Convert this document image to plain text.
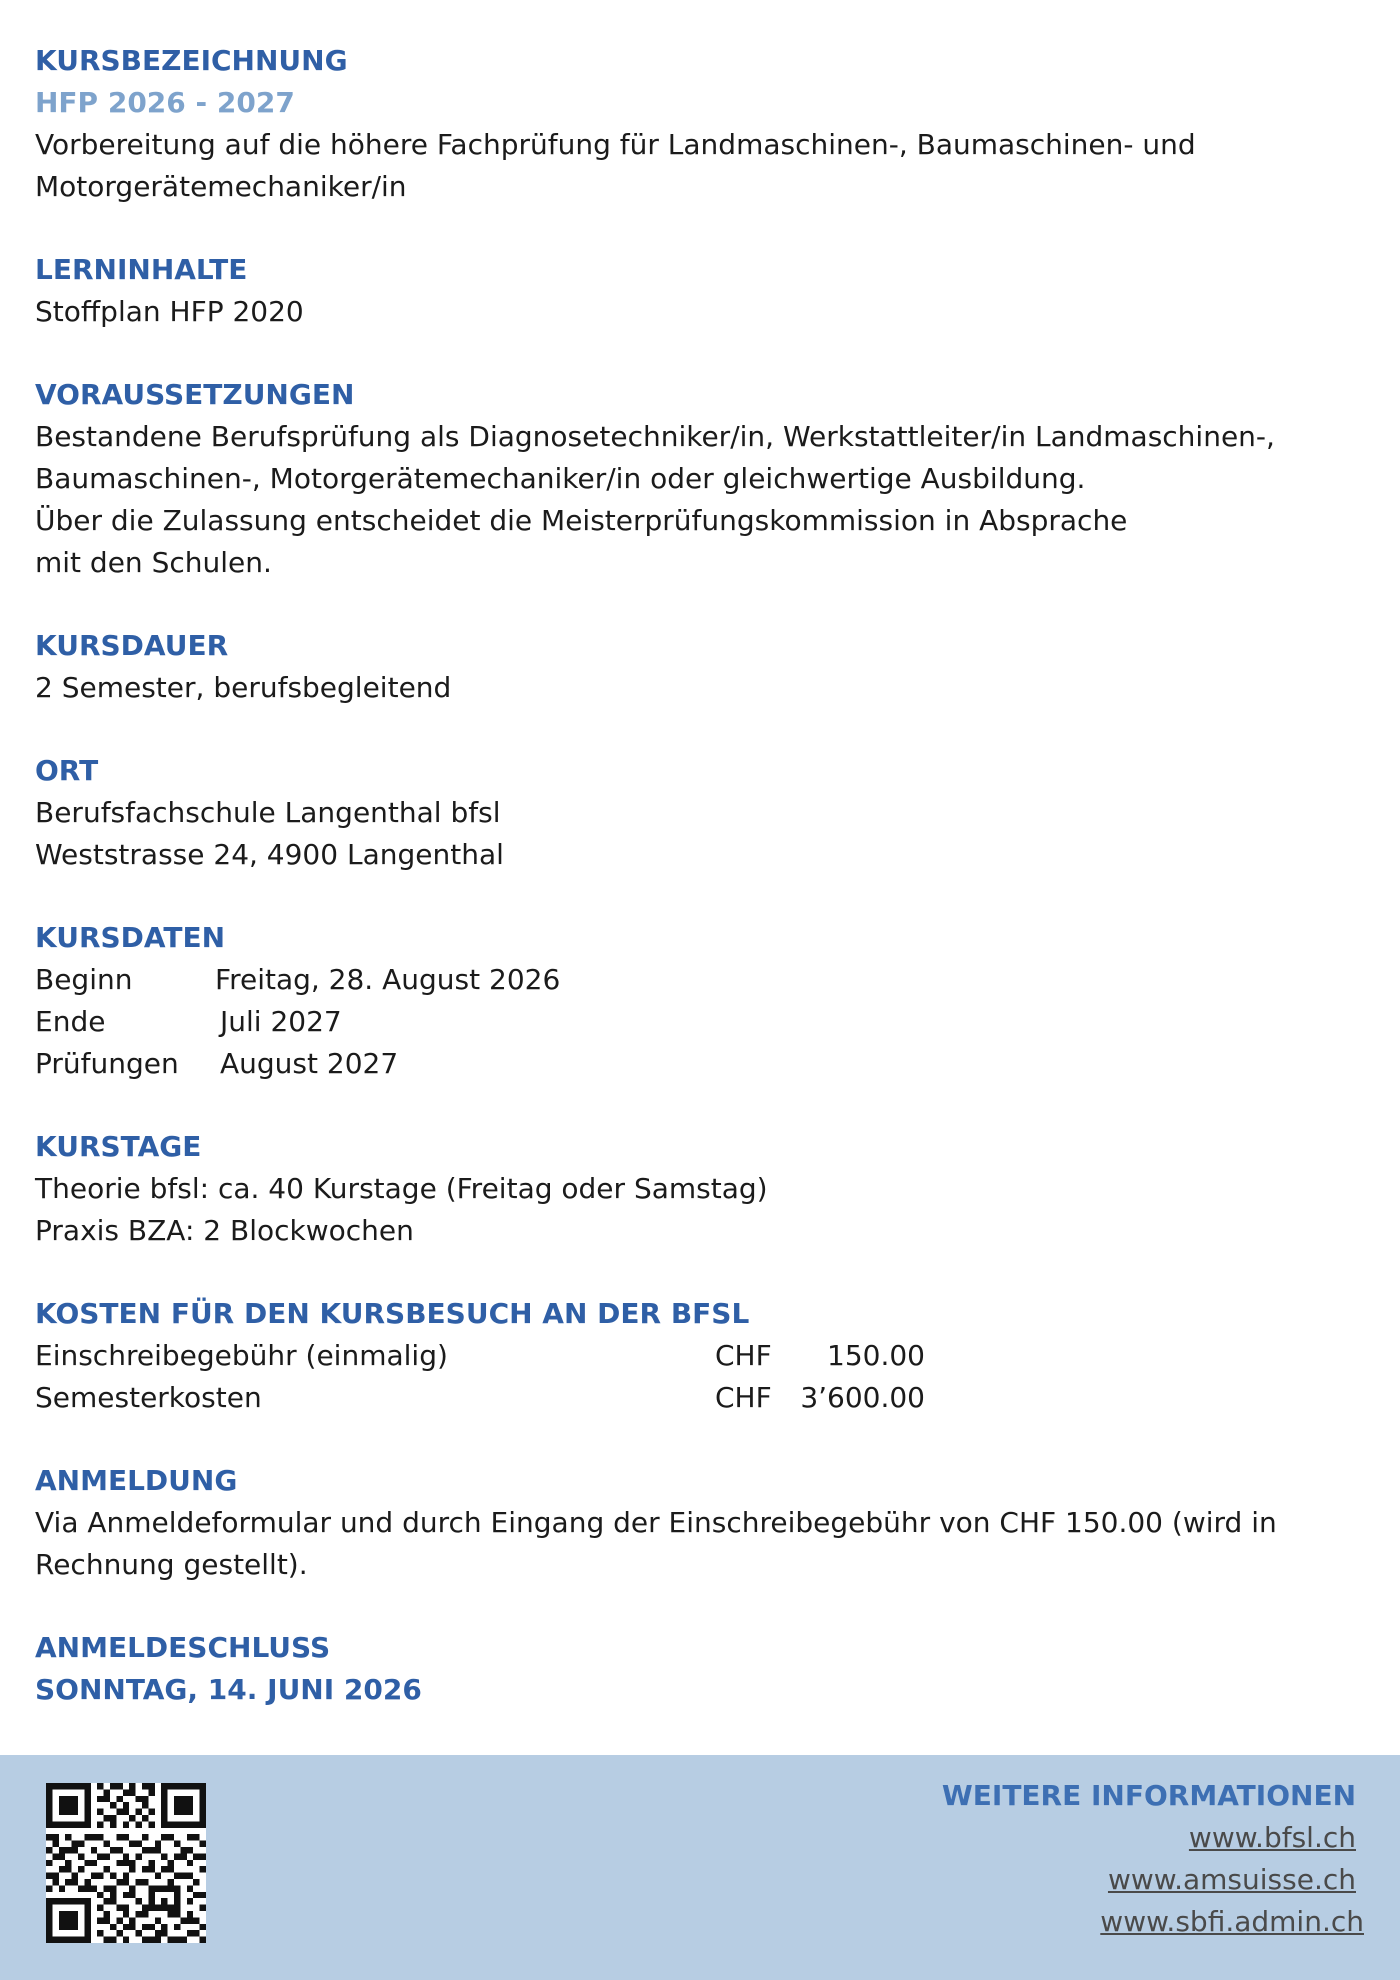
KURSBEZEICHNUNG
HFP 2026 - 2027
Vorbereitung auf die höhere Fachprüfung für Landmaschinen-, Baumaschinen- und
Motorgerätemechaniker/in
LERNINHALTE
Stoffplan HFP 2020
VORAUSSETZUNGEN
Bestandene Berufsprüfung als Diagnosetechniker/in, Werkstattleiter/in Landmaschinen-,
Baumaschinen-, Motorgerätemechaniker/in oder gleichwertige Ausbildung.
Über die Zulassung entscheidet die Meisterprüfungskommission in Absprache
mit den Schulen.
KURSDAUER
2 Semester, berufsbegleitend
ORT
Berufsfachschule Langenthal bfsl
Weststrasse 24, 4900 Langenthal
KURSDATEN
Beginn	Freitag, 28. August 2026
Ende	Juli 2027
Prüfungen	August 2027
KURSTAGE
Theorie bfsl: ca. 40 Kurstage (Freitag oder Samstag)
Praxis BZA: 2 Blockwochen
KOSTEN FÜR DEN KURSBESUCH AN DER BFSL
Einschreibegebühr (einmalig)	CHF	150.00
Semesterkosten	CHF	3’600.00
ANMELDUNG
Via Anmeldeformular und durch Eingang der Einschreibegebühr von CHF 150.00 (wird in
Rechnung gestellt).
ANMELDESCHLUSS
SONNTAG, 14. JUNI 2026
WEITERE INFORMATIONEN
www.bfsl.ch
www.amsuisse.ch
www.sbfi.admin.ch
